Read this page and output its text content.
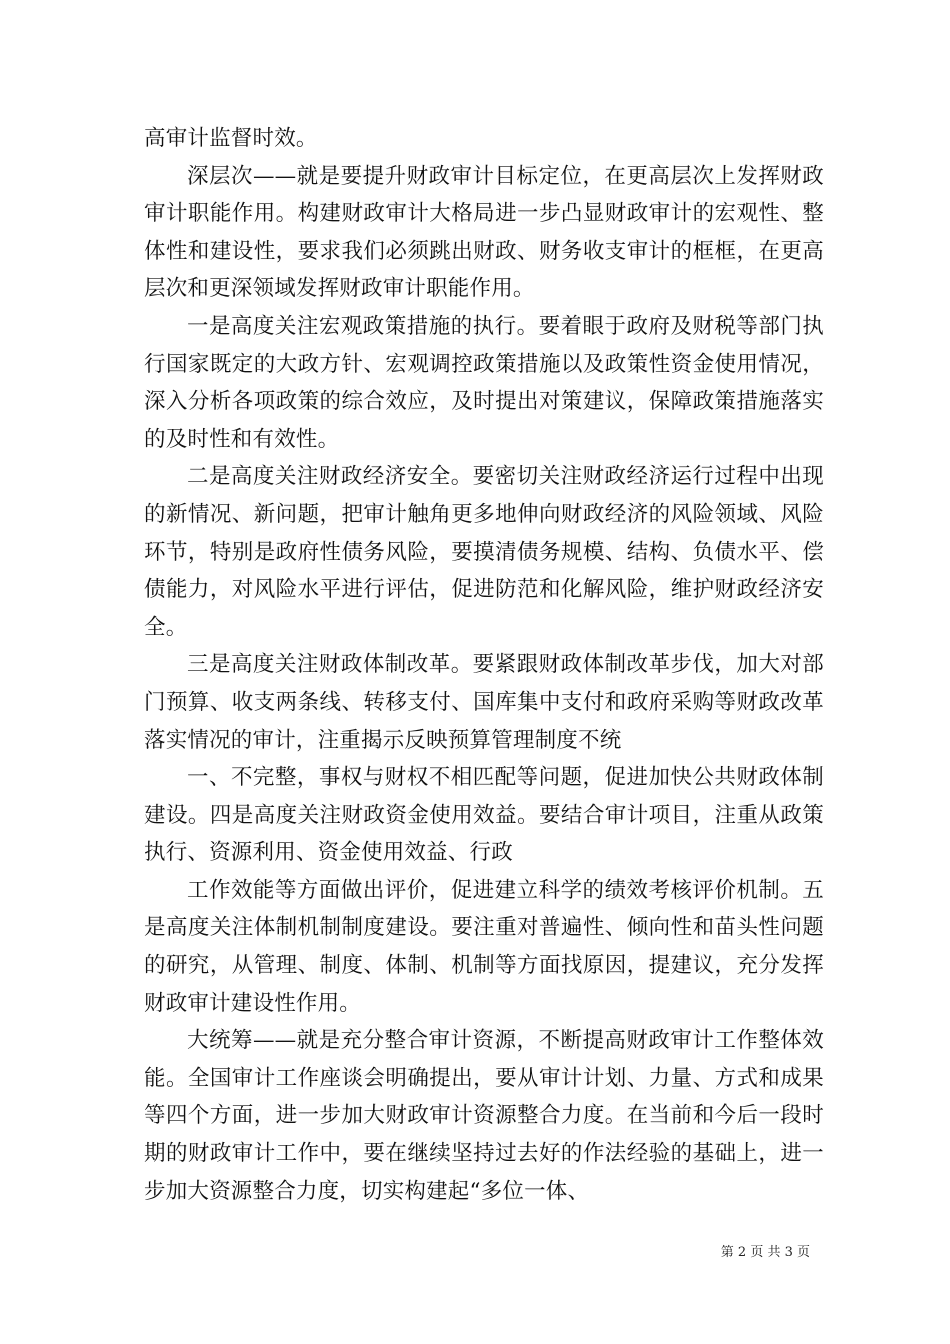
高审计监督时效。

深层次——就是要提升财政审计目标定位，在更高层次上发挥财政审计职能作用。构建财政审计大格局进一步凸显财政审计的宏观性、整体性和建设性，要求我们必须跳出财政、财务收支审计的框框，在更高层次和更深领域发挥财政审计职能作用。

一是高度关注宏观政策措施的执行。要着眼于政府及财税等部门执行国家既定的大政方针、宏观调控政策措施以及政策性资金使用情况，深入分析各项政策的综合效应，及时提出对策建议，保障政策措施落实的及时性和有效性。

二是高度关注财政经济安全。要密切关注财政经济运行过程中出现的新情况、新问题，把审计触角更多地伸向财政经济的风险领域、风险环节，特别是政府性债务风险，要摸清债务规模、结构、负债水平、偿债能力，对风险水平进行评估，促进防范和化解风险，维护财政经济安全。

三是高度关注财政体制改革。要紧跟财政体制改革步伐，加大对部门预算、收支两条线、转移支付、国库集中支付和政府采购等财政改革落实情况的审计，注重揭示反映预算管理制度不统

一、不完整，事权与财权不相匹配等问题，促进加快公共财政体制建设。四是高度关注财政资金使用效益。要结合审计项目，注重从政策执行、资源利用、资金使用效益、行政

工作效能等方面做出评价，促进建立科学的绩效考核评价机制。五是高度关注体制机制制度建设。要注重对普遍性、倾向性和苗头性问题的研究，从管理、制度、体制、机制等方面找原因，提建议，充分发挥财政审计建设性作用。

大统筹——就是充分整合审计资源，不断提高财政审计工作整体效能。全国审计工作座谈会明确提出，要从审计计划、力量、方式和成果等四个方面，进一步加大财政审计资源整合力度。在当前和今后一段时期的财政审计工作中，要在继续坚持过去好的作法经验的基础上，进一步加大资源整合力度，切实构建起“多位一体、

第 2 页 共 3 页
